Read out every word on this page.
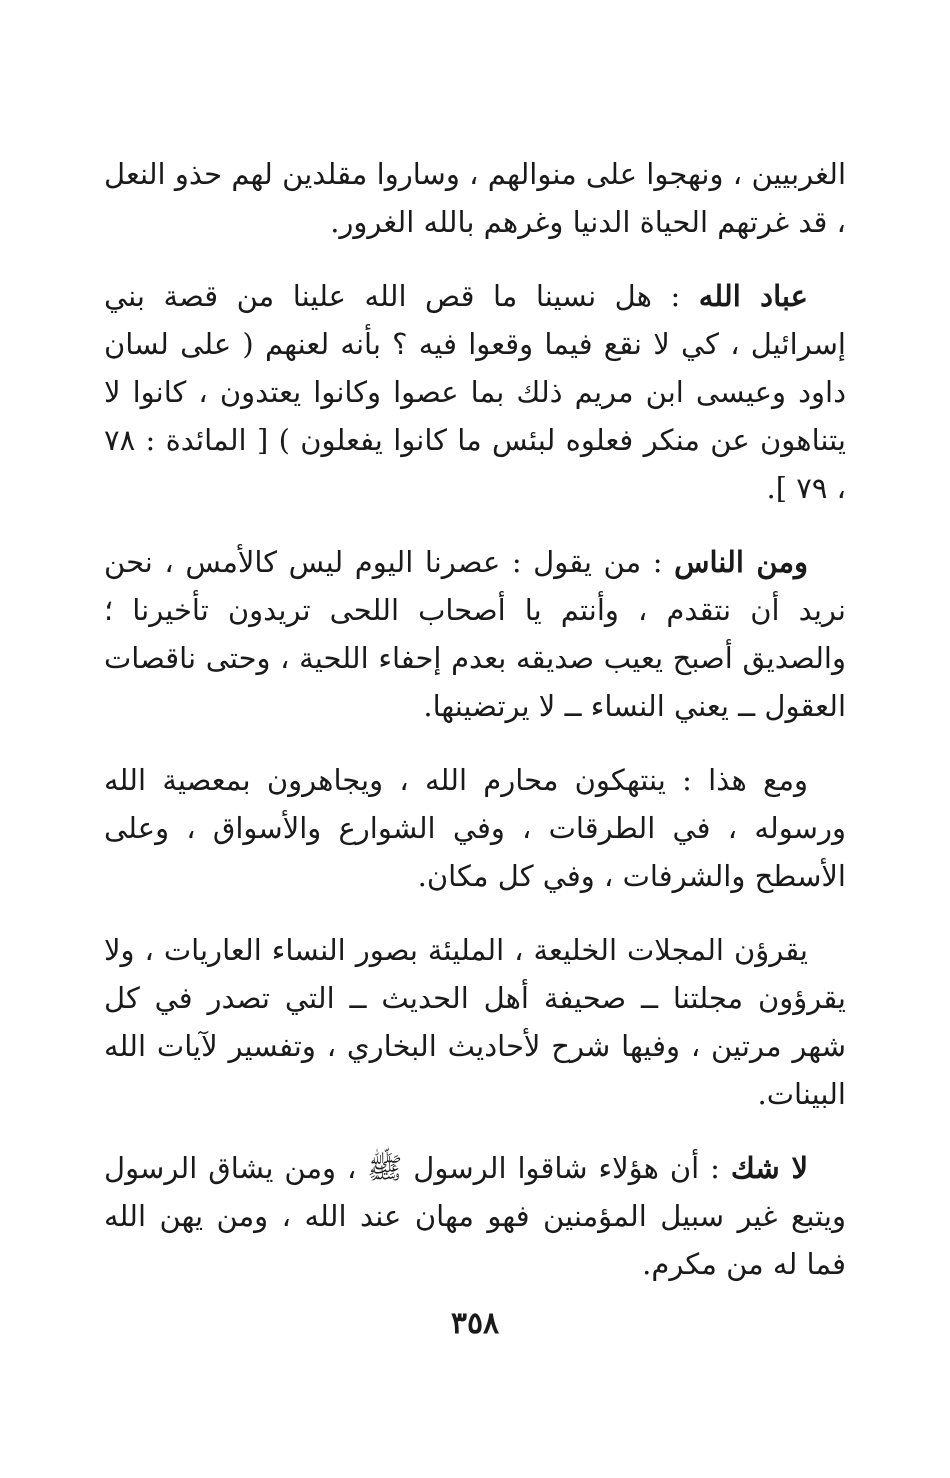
الغربيين ، ونهجوا على منوالهم ، وساروا مقلدين لهم حذو النعل ، قد غرتهم الحياة الدنيا وغرهم بالله الغرور.

عباد الله : هل نسينا ما قص الله علينا من قصة بني إسرائيل ، كي لا نقع فيما وقعوا فيه ؟ بأنه لعنهم ( على لسان داود وعيسى ابن مريم ذلك بما عصوا وكانوا يعتدون ، كانوا لا يتناهون عن منكر فعلوه لبئس ما كانوا يفعلون ) [ المائدة : ٧٨ ، ٧٩ ].

ومن الناس : من يقول : عصرنا اليوم ليس كالأمس ، نحن نريد أن نتقدم ، وأنتم يا أصحاب اللحى تريدون تأخيرنا ؛ والصديق أصبح يعيب صديقه بعدم إحفاء اللحية ، وحتى ناقصات العقول ــ يعني النساء ــ لا يرتضينها.

ومع هذا : ينتهكون محارم الله ، ويجاهرون بمعصية الله ورسوله ، في الطرقات ، وفي الشوارع والأسواق ، وعلى الأسطح والشرفات ، وفي كل مكان.

يقرؤن المجلات الخليعة ، المليئة بصور النساء العاريات ، ولا يقرؤون مجلتنا ــ صحيفة أهل الحديث ــ التي تصدر في كل شهر مرتين ، وفيها شرح لأحاديث البخاري ، وتفسير لآيات الله البينات.

لا شك : أن هؤلاء شاقوا الرسول ﷺ ، ومن يشاق الرسول ويتبع غير سبيل المؤمنين فهو مهان عند الله ، ومن يهن الله فما له من مكرم.

٣٥٨
